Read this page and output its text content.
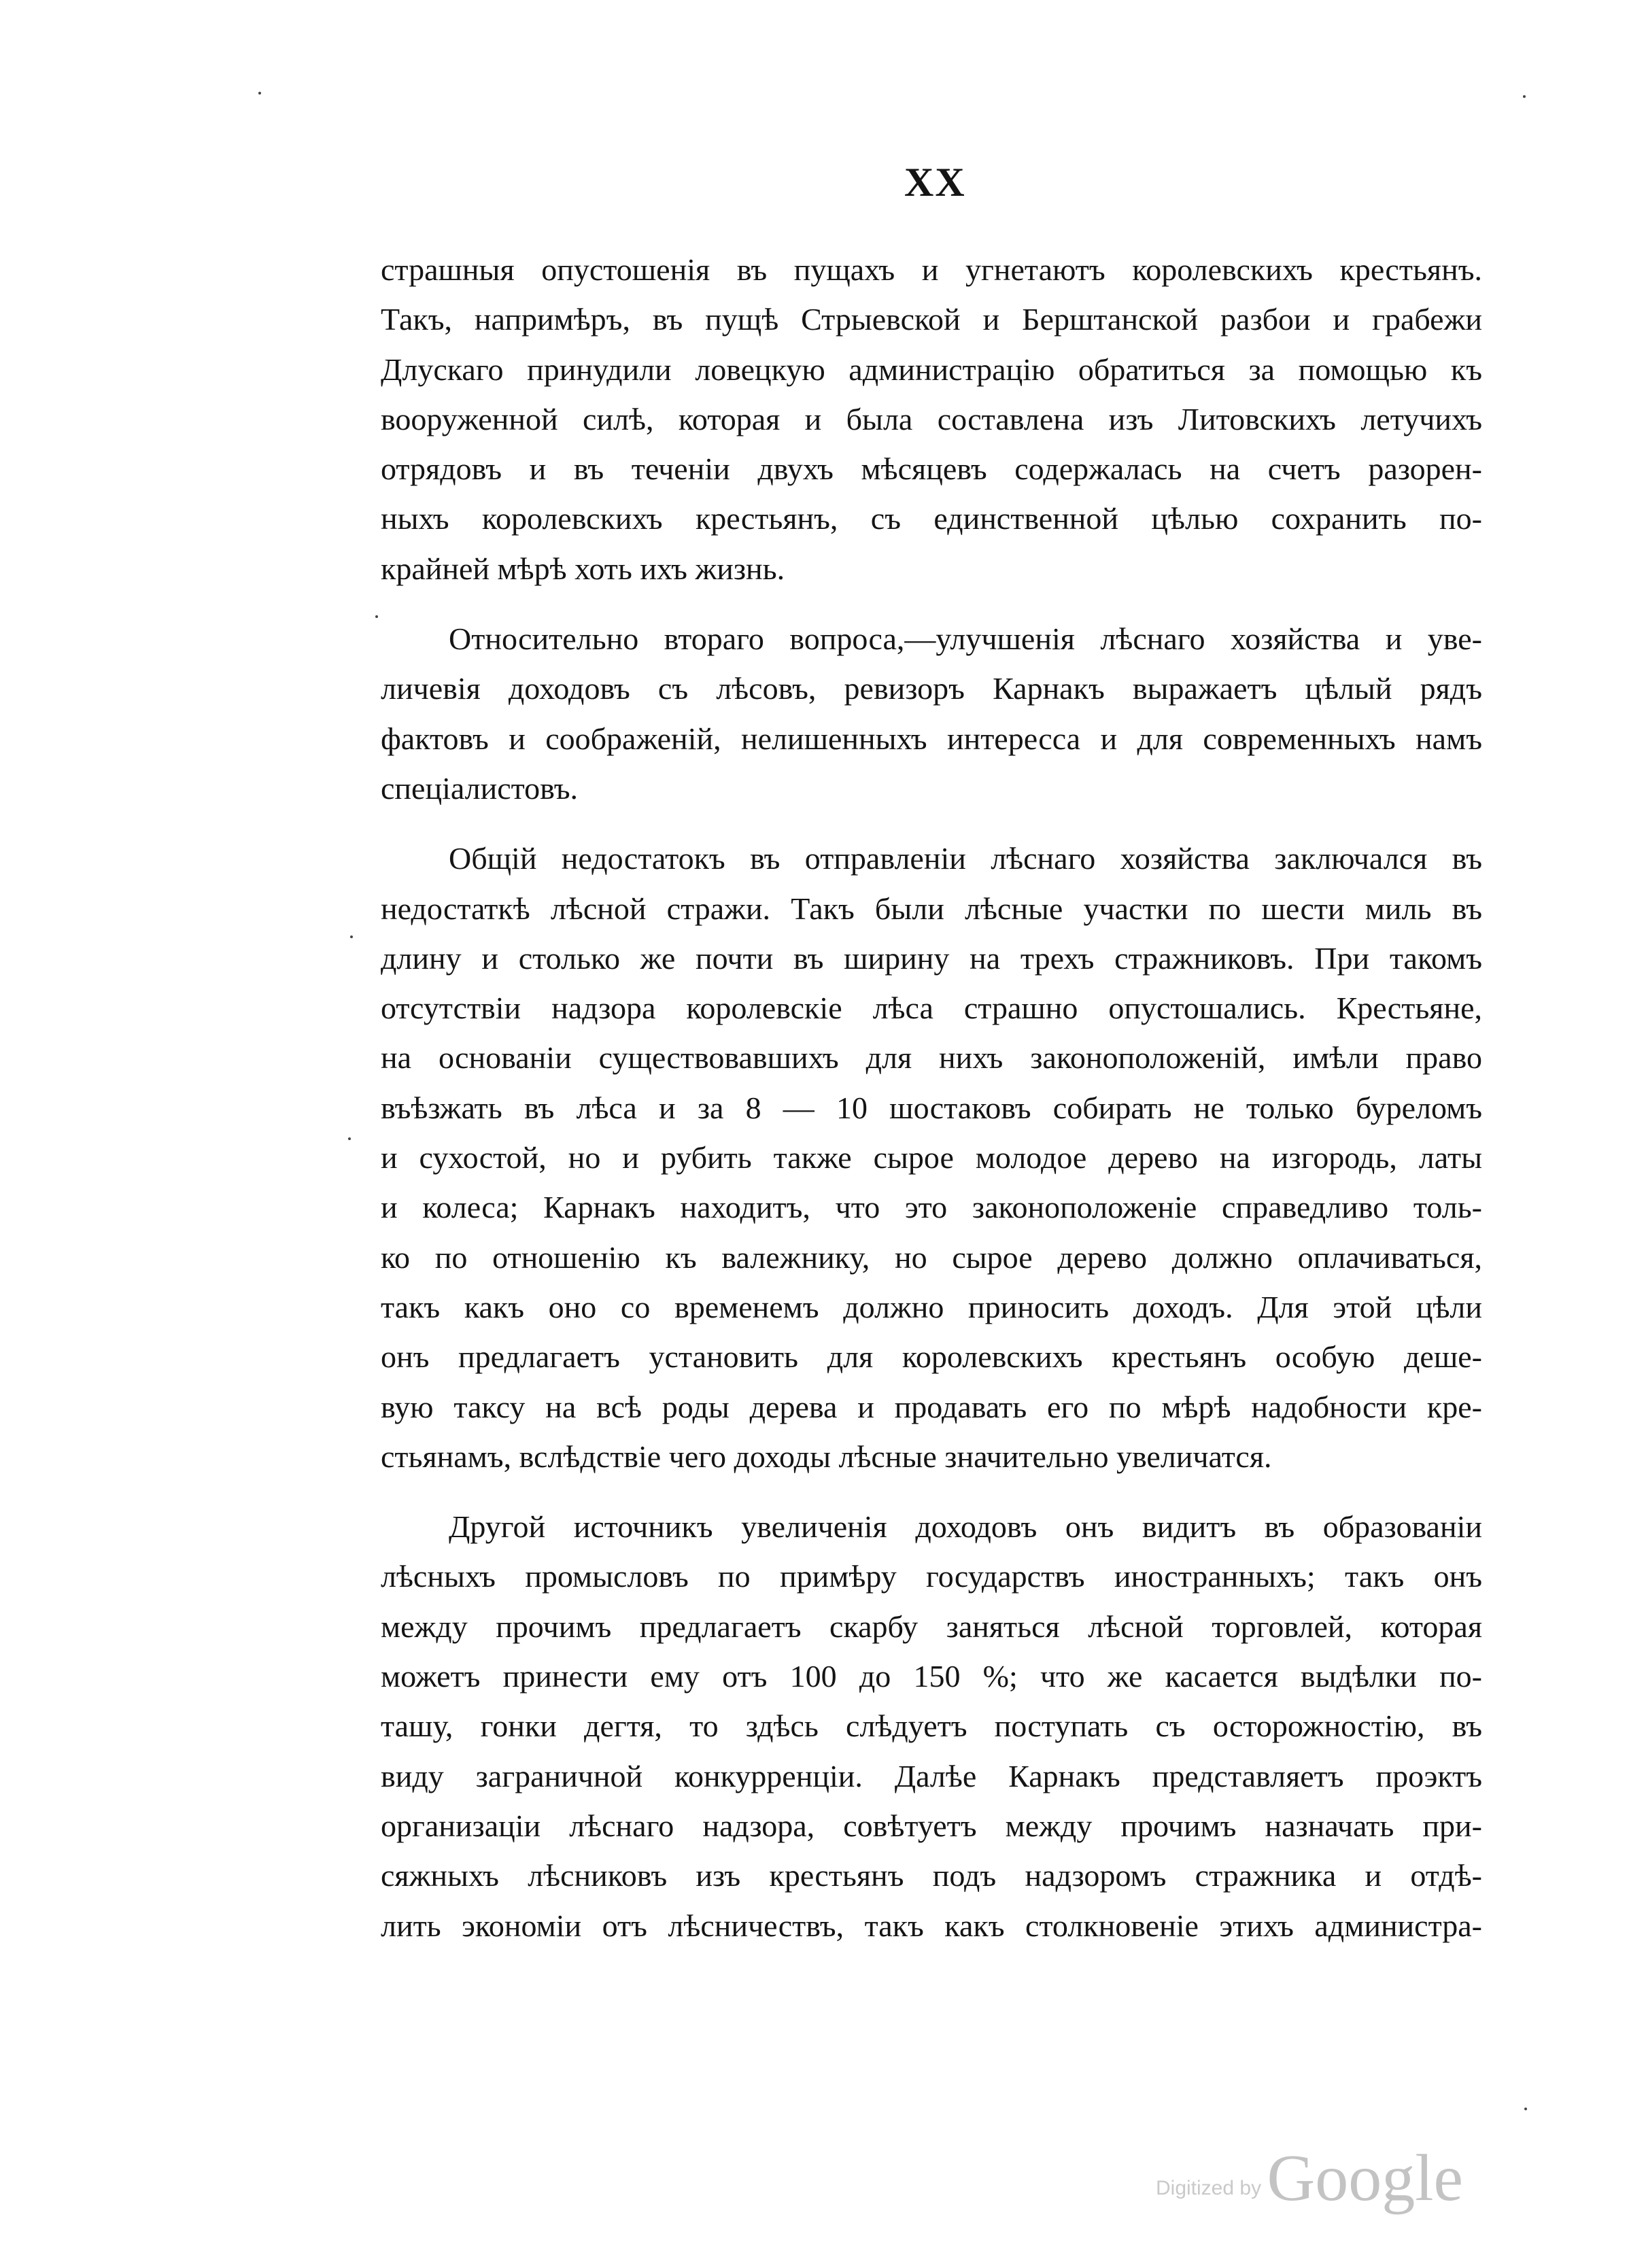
XX

страшныя опустошенія въ пущахъ и угнетаютъ королевскихъ крестьянъ.
Такъ, напримѣръ, въ пущѣ Стрыевской и Берштанской разбои и грабежи
Длускаго принудили ловецкую администрацію обратиться за помощью къ
вооруженной силѣ, которая и была составлена изъ Литовскихъ летучихъ
отрядовъ и въ теченіи двухъ мѣсяцевъ содержалась на счетъ разорен-
ныхъ королевскихъ крестьянъ, съ единственной цѣлью сохранить по-
крайней мѣрѣ хоть ихъ жизнь.

Относительно втораго вопроса,—улучшенія лѣснаго хозяйства и уве-
личевія доходовъ съ лѣсовъ, ревизоръ Карнакъ выражаетъ цѣлый рядъ
фактовъ и соображеній, нелишенныхъ интересса и для современныхъ намъ
спеціалистовъ.

Общій недостатокъ въ отправленіи лѣснаго хозяйства заключался въ
недостаткѣ лѣсной стражи. Такъ были лѣсные участки по шести миль въ
длину и столько же почти въ ширину на трехъ стражниковъ. При такомъ
отсутствіи надзора королевскіе лѣса страшно опустошались. Крестьяне,
на основаніи существовавшихъ для нихъ законоположеній, имѣли право
въѣзжать въ лѣса и за 8 — 10 шостаковъ собирать не только буреломъ
и сухостой, но и рубить также сырое молодое дерево на изгородь, латы
и колеса; Карнакъ находитъ, что это законоположеніе справедливо толь-
ко по отношенію къ валежнику, но сырое дерево должно оплачиваться,
такъ какъ оно со временемъ должно приносить доходъ. Для этой цѣли
онъ предлагаетъ установить для королевскихъ крестьянъ особую деше-
вую таксу на всѣ роды дерева и продавать его по мѣрѣ надобности кре-
стьянамъ, вслѣдствіе чего доходы лѣсные значительно увеличатся.

Другой источникъ увеличенія доходовъ онъ видитъ въ образованіи
лѣсныхъ промысловъ по примѣру государствъ иностранныхъ; такъ онъ
между прочимъ предлагаетъ скарбу заняться лѣсной торговлей, которая
можетъ принести ему отъ 100 до 150 %; что же касается выдѣлки по-
ташу, гонки дегтя, то здѣсь слѣдуетъ поступать съ осторожностію, въ
виду заграничной конкурренціи. Далѣе Карнакъ представляетъ проэктъ
организаціи лѣснаго надзора, совѣтуетъ между прочимъ назначать при-
сяжныхъ лѣсниковъ изъ крестьянъ подъ надзоромъ стражника и отдѣ-
лить экономіи отъ лѣсничествъ, такъ какъ столкновеніе этихъ администра-

Digitized by Google
